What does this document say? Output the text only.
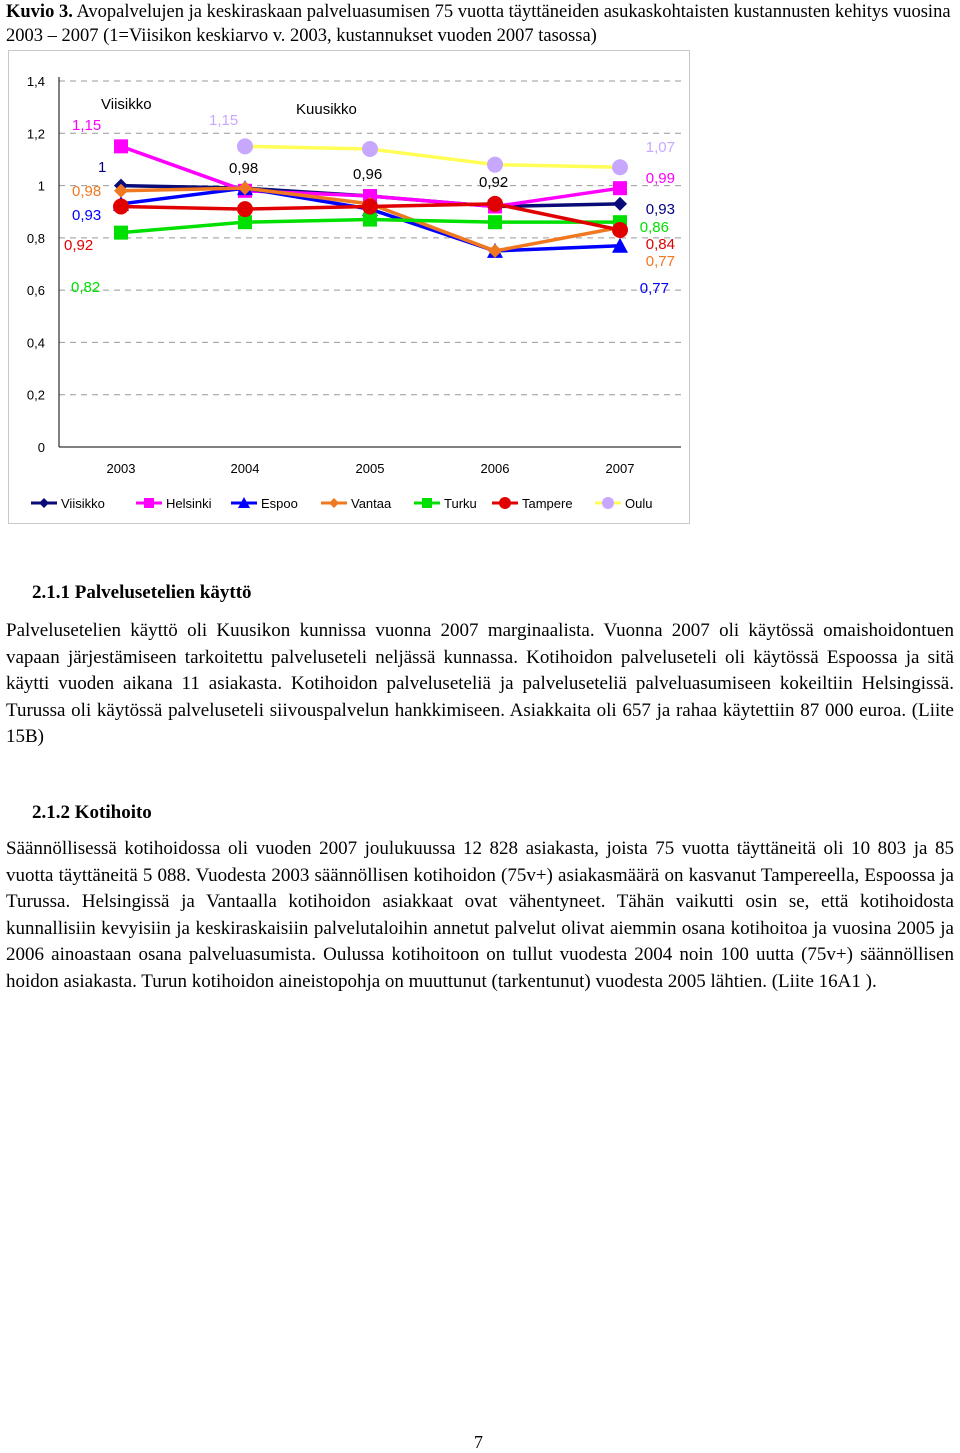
Kuvio 3. Avopalvelujen ja keskiraskaan palveluasumisen 75 vuotta täyttäneiden asukaskohtaisten kustannusten kehitys vuosina 2003 – 2007 (1=Viisikon keskiarvo v. 2003, kustannukset vuoden 2007 tasossa)
0
0,2
0,4
0,6
0,8
1
1,2
1,4
2003	2004	2005	2006	2007
Viisikko	Kuusikko
1,15
1
0,98
0,93
0,92
0,82
1,15
0,98	0,96	0,92
1,07
0,99
0,93
0,86
0,84
0,77
0,77
Viisikko	Helsinki	Espoo	Vantaa	Turku	Tampere	Oulu
2.1.1 Palvelusetelien käyttö
Palvelusetelien käyttö oli Kuusikon kunnissa vuonna 2007 marginaalista. Vuonna 2007 oli käytössä omaishoidontuen vapaan järjestämiseen tarkoitettu palveluseteli neljässä kunnassa. Kotihoidon palveluseteli oli käytössä Espoossa ja sitä käytti vuoden aikana 11 asiakasta. Kotihoidon palveluseteliä ja palveluseteliä palveluasumiseen kokeiltiin Helsingissä. Turussa oli käytössä palveluseteli siivouspalvelun hankkimiseen. Asiakkaita oli 657 ja rahaa käytettiin 87 000 euroa. (Liite 15B)
2.1.2 Kotihoito
Säännöllisessä kotihoidossa oli vuoden 2007 joulukuussa 12 828 asiakasta, joista 75 vuotta täyttäneitä oli 10 803 ja 85 vuotta täyttäneitä 5 088. Vuodesta 2003 säännöllisen kotihoidon (75v+) asiakasmäärä on kasvanut Tampereella, Espoossa ja Turussa. Helsingissä ja Vantaalla kotihoidon asiakkaat ovat vähentyneet. Tähän vaikutti osin se, että kotihoidosta kunnallisiin kevyisiin ja keskiraskaisiin palvelutaloihin annetut palvelut olivat aiemmin osana kotihoitoa ja vuosina 2005 ja 2006 ainoastaan osana palveluasumista. Oulussa kotihoitoon on tullut vuodesta 2004 noin 100 uutta (75v+) säännöllisen hoidon asiakasta. Turun kotihoidon aineistopohja on muuttunut (tarkentunut) vuodesta 2005 lähtien. (Liite 16A1 ).
7
